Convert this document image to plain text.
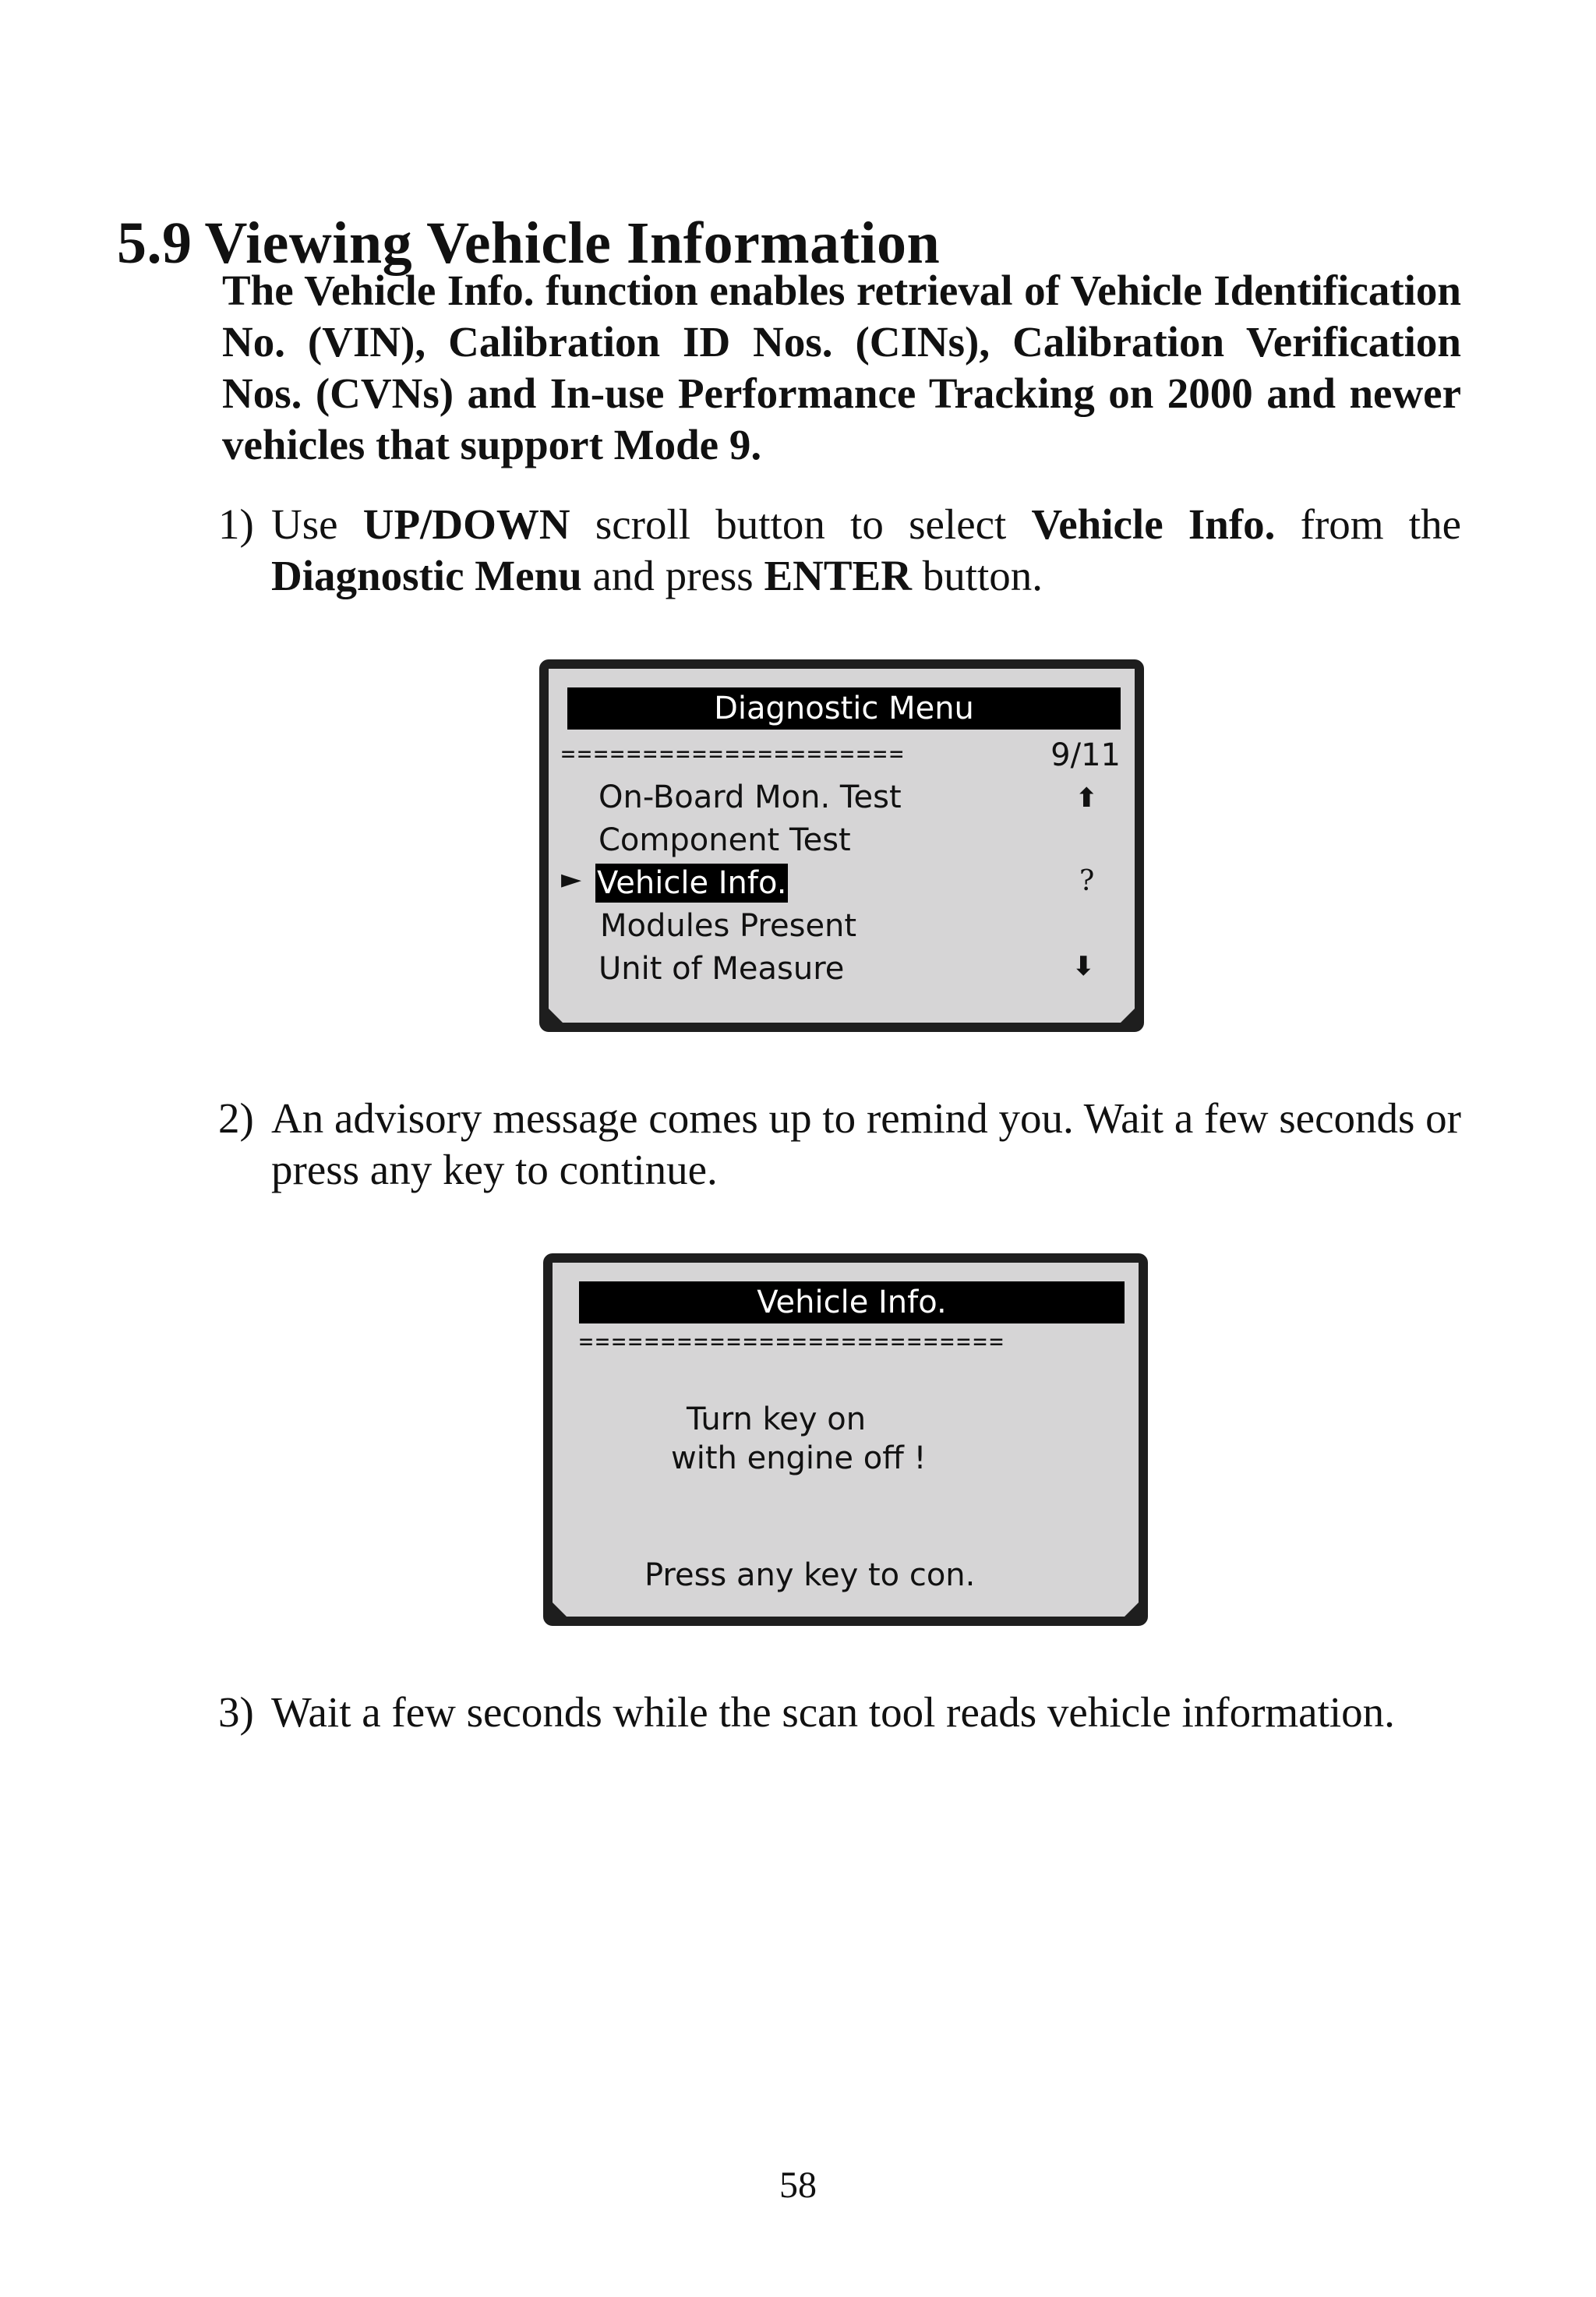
5.9 Viewing Vehicle Information

The Vehicle Info. function enables retrieval of Vehicle Identification No. (VIN), Calibration ID Nos. (CINs), Calibration Verification Nos. (CVNs) and In-use Performance Tracking on 2000 and newer vehicles that support Mode 9.

1) Use UP/DOWN scroll button to select Vehicle Info. from the Diagnostic Menu and press ENTER button.
Diagnostic Menu
=====================	9/11
On-Board Mon. Test
Component Test
► Vehicle Info.
Modules Present
Unit of Measure
⬆
?
⬇
2) An advisory message comes up to remind you. Wait a few seconds or press any key to continue.
Vehicle Info.
==========================
Turn key on
with engine off !
Press any key to con.
3) Wait a few seconds while the scan tool reads vehicle information.
58
